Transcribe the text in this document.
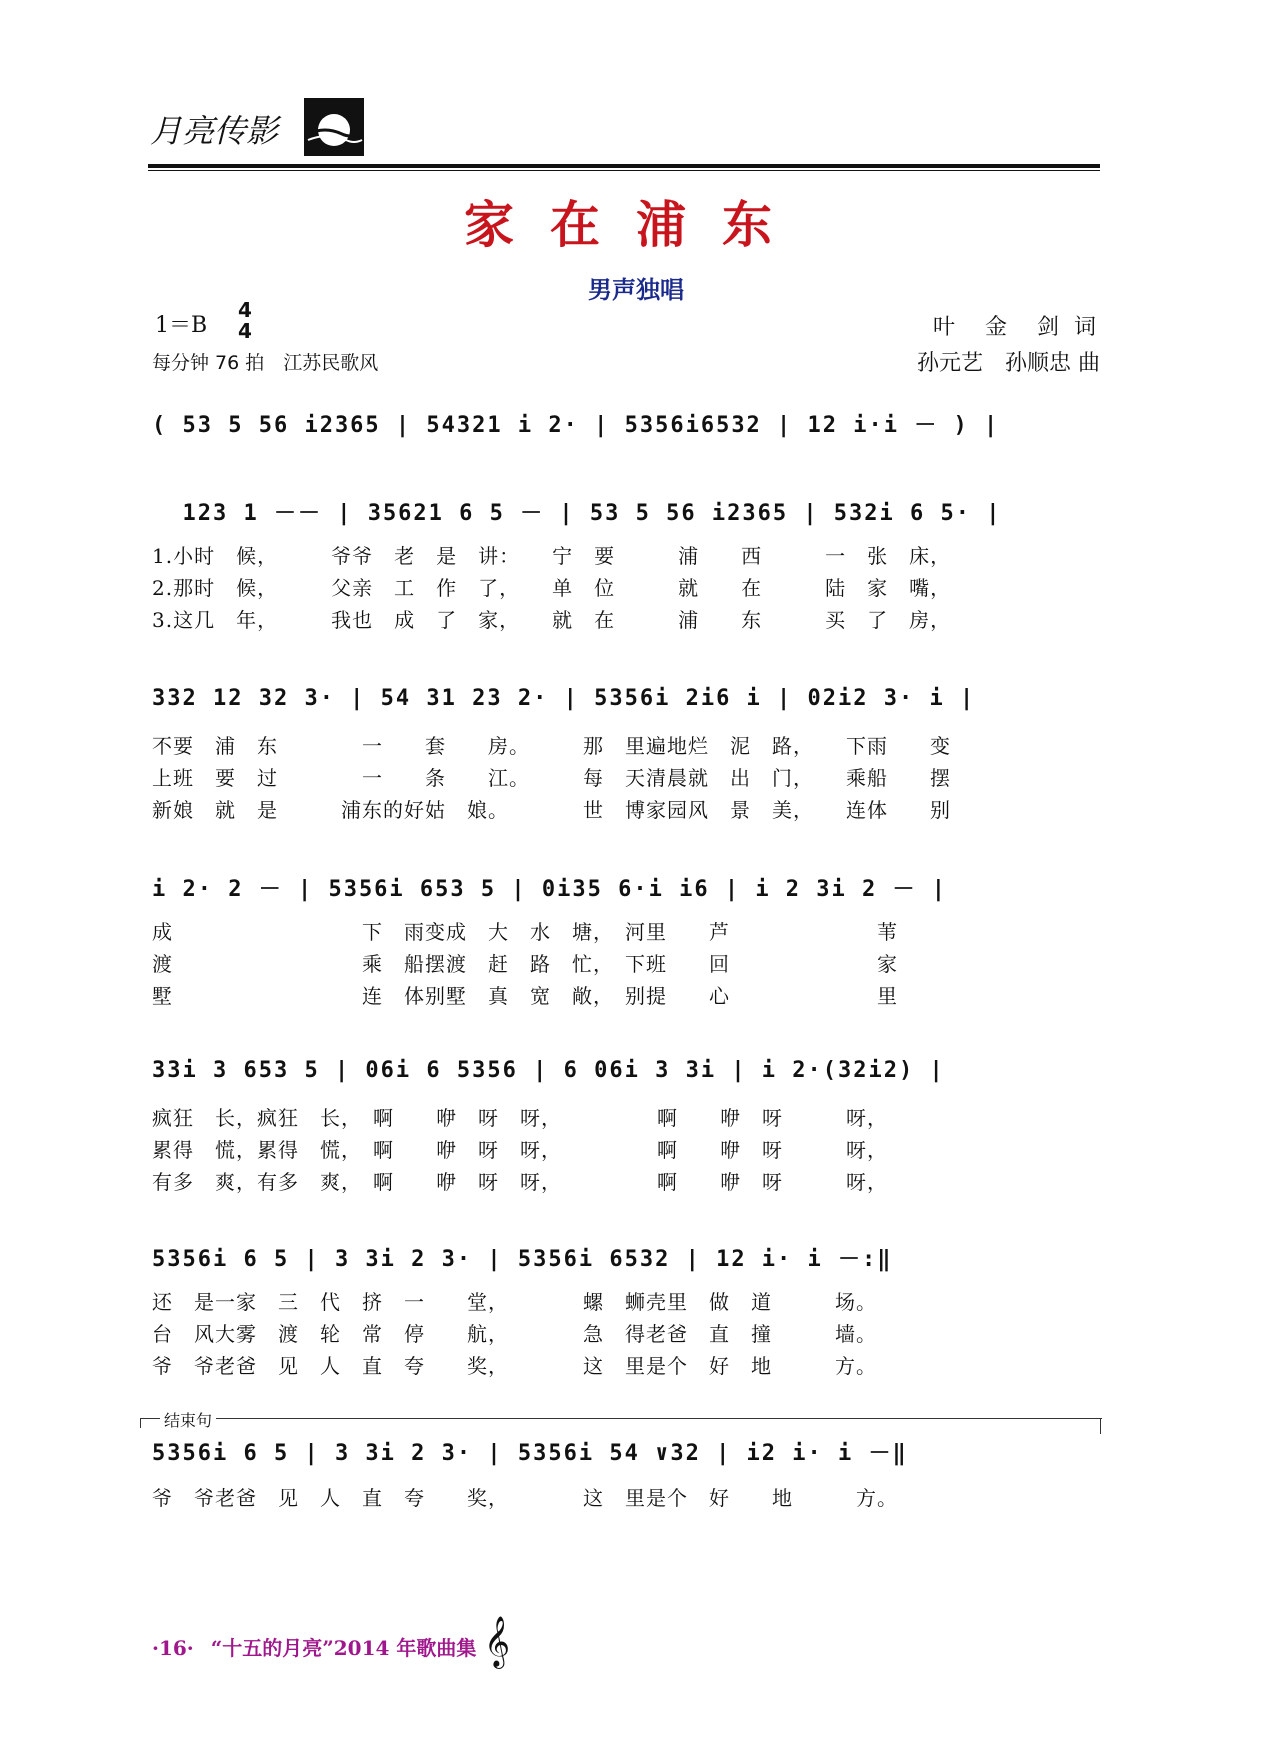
月亮传影
家在浦东
男声独唱
1＝B
4
4
每分钟 76 拍　江苏民歌风
叶　金　剑 词
孙元艺　孙顺忠 曲
( 53 5 56 i2365 | 54321 i 2· | 5356i6532 | 12 i·i － ) |
123 1 －－ | 35621 6 5 － | 53 5 56 i2365 | 532i 6 5· |
1.小时　候，　　　爷爷　老　是　讲：　　宁　要　　　浦　　西　　　一　张　床，
2.那时　候，　　　父亲　工　作　了，　　单　位　　　就　　在　　　陆　家　嘴，
3.这几　年，　　　我也　成　了　家，　　就　在　　　浦　　东　　　买　了　房，
332 12 32 3· | 54 31 23 2· | 5356i 2i6 i | 02i2 3· i |
不要　浦　东　　　　一　　套　　房。　　　那　里遍地烂　泥　路，　　下雨　　变
上班　要　过　　　　一　　条　　江。　　　每　天清晨就　出　门，　　乘船　　摆
新娘　就　是　　　浦东的好姑　娘。　　　　世　博家园风　景　美，　　连体　　别
i 2· 2 － | 5356i 653 5 | 0i35 6·i i6 | i 2 3i 2 － |
成　　　　　　　　　下　雨变成　大　水　塘，　河里　　芦　　　　　　　苇
渡　　　　　　　　　乘　船摆渡　赶　路　忙，　下班　　回　　　　　　　家
墅　　　　　　　　　连　体别墅　真　宽　敞，　别提　　心　　　　　　　里
33i 3 653 5 | 06i 6 5356 | 6 06i 3 3i | i 2·(32i2) |
疯狂　长，疯狂　长，　啊　　咿　呀　呀，　　　　　啊　　咿　呀　　　呀，
累得　慌，累得　慌，　啊　　咿　呀　呀，　　　　　啊　　咿　呀　　　呀，
有多　爽，有多　爽，　啊　　咿　呀　呀，　　　　　啊　　咿　呀　　　呀，
5356i 6 5 | 3 3i 2 3· | 5356i 6532 | 12 i· i －:‖
还　是一家　三　代　挤　一　　堂，　　　　螺　蛳壳里　做　道　　　场。
台　风大雾　渡　轮　常　停　　航，　　　　急　得老爸　直　撞　　　墙。
爷　爷老爸　见　人　直　夸　　奖，　　　　这　里是个　好　地　　　方。
结束句
5356i 6 5 | 3 3i 2 3· | 5356i 54 ∨32 | i2 i· i －‖
爷　爷老爸　见　人　直　夸　　奖，　　　　这　里是个　好　　地　　　方。
·16· “十五的月亮”2014 年歌曲集 𝄞
